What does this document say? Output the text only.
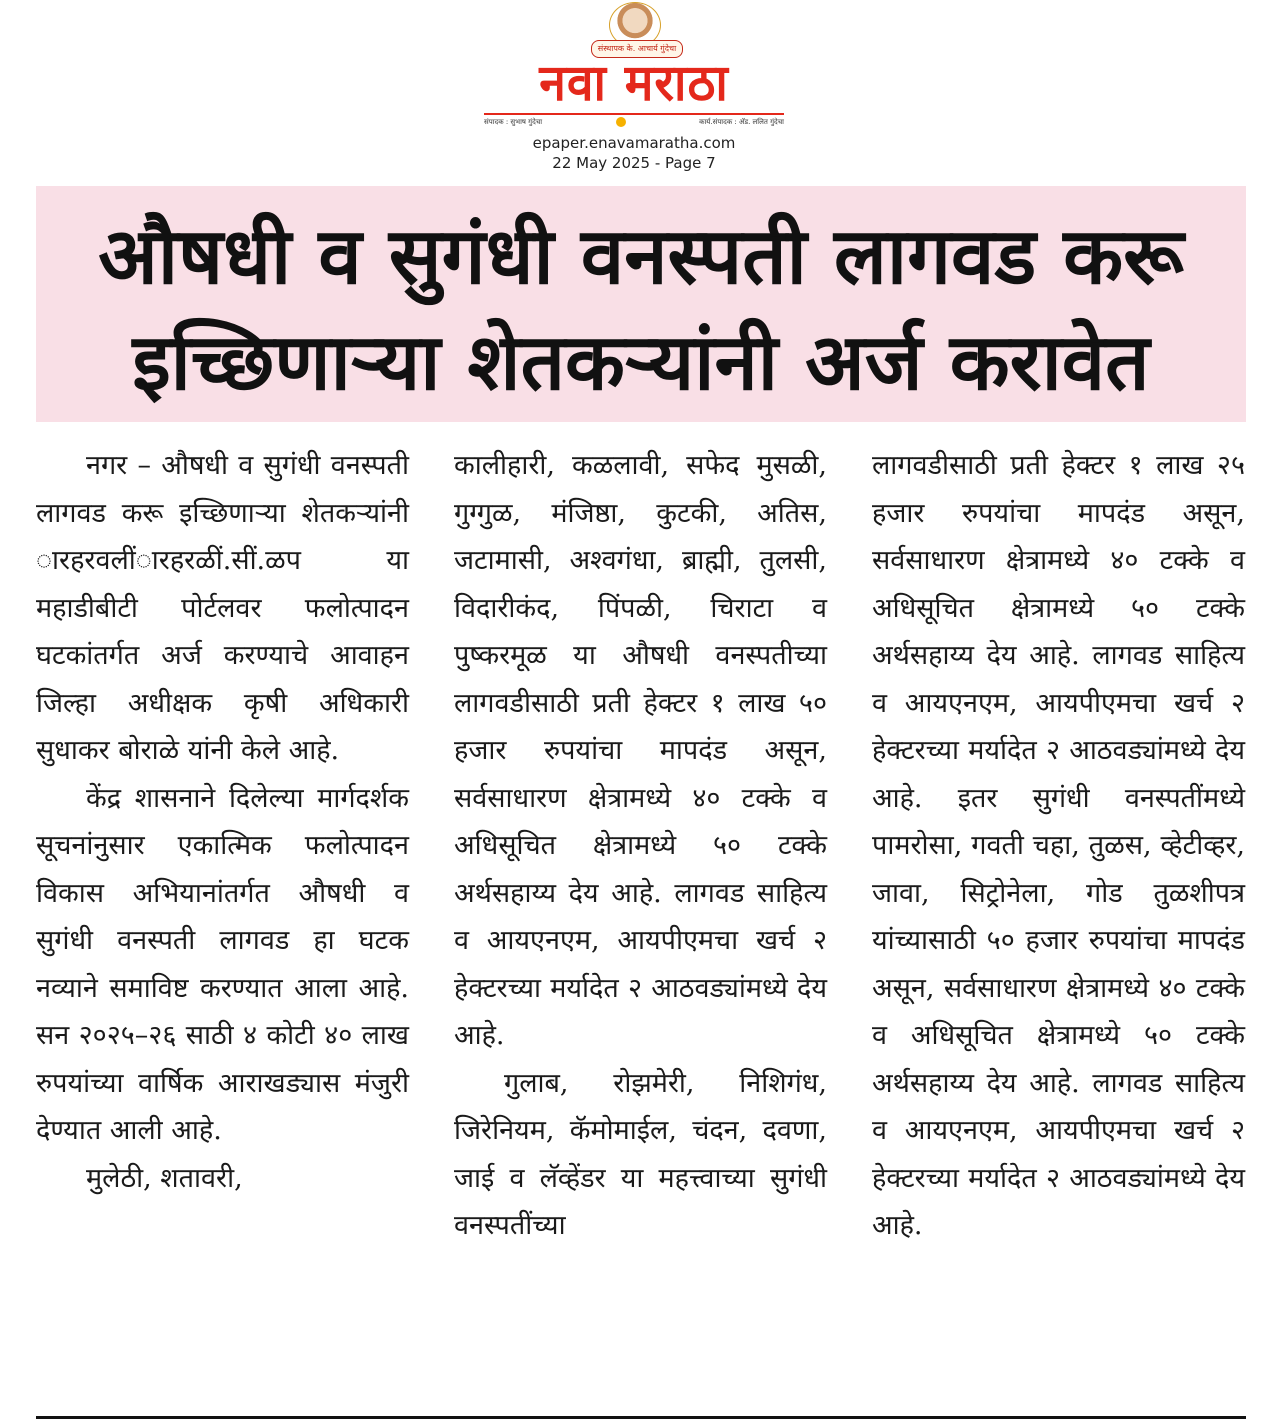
संस्थापक के. आचार्य गुंदेचा
नवा मराठा
संपादक : सुभाष गुंदेचा	कार्य.संपादक : अ‍ॅड. ललित गुंदेचा
epaper.enavamaratha.com
22 May 2025 - Page 7
औषधी व सुगंधी वनस्पती लागवड करू इच्छिणाऱ्या शेतकऱ्यांनी अर्ज करावेत

नगर – औषधी व सुगंधी वनस्पती लागवड करू इच्छिणाऱ्या शेतकऱ्यांनी ारहरवलींारहरळीं.सीं.ळप या महाडीबीटी पोर्टलवर फलोत्पादन घटकांतर्गत अर्ज करण्याचे आवाहन जिल्हा अधीक्षक कृषी अधिकारी सुधाकर बोराळे यांनी केले आहे.

केंद्र शासनाने दिलेल्या मार्गदर्शक सूचनांनुसार एकात्मिक फलोत्पादन विकास अभियानांतर्गत औषधी व सुगंधी वनस्पती लागवड हा घटक नव्याने समाविष्ट करण्यात आला आहे. सन २०२५–२६ साठी ४ कोटी ४० लाख रुपयांच्या वार्षिक आराखड्यास मंजुरी देण्यात आली आहे.

मुलेठी, शतावरी,

कालीहारी, कळलावी, सफेद मुसळी, गुग्गुळ, मंजिष्ठा, कुटकी, अतिस, जटामासी, अश्वगंधा, ब्राह्मी, तुलसी, विदारीकंद, पिंपळी, चिराटा व पुष्करमूळ या औषधी वनस्पतीच्या लागवडीसाठी प्रती हेक्टर १ लाख ५० हजार रुपयांचा मापदंड असून, सर्वसाधारण क्षेत्रामध्ये ४० टक्के व अधिसूचित क्षेत्रामध्ये ५० टक्के अर्थसहाय्य देय आहे. लागवड साहित्य व आयएनएम, आयपीएमचा खर्च २ हेक्टरच्या मर्यादेत २ आठवड्यांमध्ये देय आहे.

गुलाब, रोझमेरी, निशिगंध, जिरेनियम, कॅमोमाईल, चंदन, दवणा, जाई व लॅव्हेंडर या महत्त्वाच्या सुगंधी वनस्पतींच्या

लागवडीसाठी प्रती हेक्टर १ लाख २५ हजार रुपयांचा मापदंड असून, सर्वसाधारण क्षेत्रामध्ये ४० टक्के व अधिसूचित क्षेत्रामध्ये ५० टक्के अर्थसहाय्य देय आहे. लागवड साहित्य व आयएनएम, आयपीएमचा खर्च २ हेक्टरच्या मर्यादेत २ आठवड्यांमध्ये देय आहे. इतर सुगंधी वनस्पतींमध्ये पामरोसा, गवती चहा, तुळस, व्हेटीव्हर, जावा, सिट्रोनेला, गोड तुळशीपत्र यांच्यासाठी ५० हजार रुपयांचा मापदंड असून, सर्वसाधारण क्षेत्रामध्ये ४० टक्के व अधिसूचित क्षेत्रामध्ये ५० टक्के अर्थसहाय्य देय आहे. लागवड साहित्य व आयएनएम, आयपीएमचा खर्च २ हेक्टरच्या मर्यादेत २ आठवड्यांमध्ये देय आहे.
